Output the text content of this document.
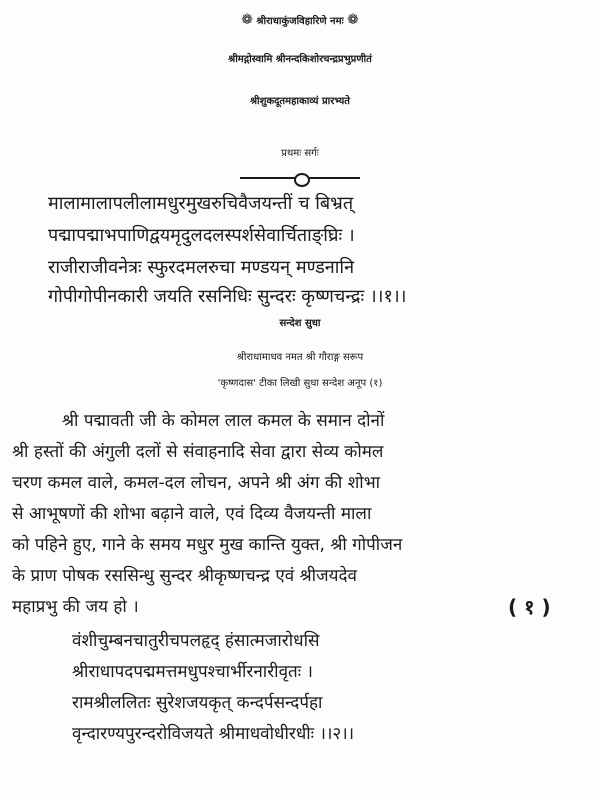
❁ श्रीराधाकुंजविहारिणे नमः ❁
श्रीमद्गोस्वामि श्रीनन्दकिशोरचन्द्रप्रभुप्रणीतं
श्रीशुकदूतमहाकाव्यं प्रारभ्यते
प्रथमः सर्गः
मालामालापलीलामधुरमुखरुचिवैजयन्तीं च बिभ्रत्
पद्मापद्माभपाणिद्वयमृदुलदलस्पर्शसेवार्चिताङ्घ्रिः ।
राजीराजीवनेत्रः स्फुरदमलरुचा मण्डयन् मण्डनानि
गोपीगोपीनकारी जयति रसनिधिः सुन्दरः कृष्णचन्द्रः ।।१।।
सन्देश सुधा
श्रीराधामाधव नमत श्री गौराङ्ग सरूप
'कृष्णदास' टीका लिखी सुधा सन्देश अनूप (१)
श्री पद्मावती जी के कोमल लाल कमल के समान दोनों
श्री हस्तों की अंगुली दलों से संवाहनादि सेवा द्वारा सेव्य कोमल
चरण कमल वाले, कमल-दल लोचन, अपने श्री अंग की शोभा
से आभूषणों की शोभा बढ़ाने वाले, एवं दिव्य वैजयन्ती माला
को पहिने हुए, गाने के समय मधुर मुख कान्ति युक्त, श्री गोपीजन
के प्राण पोषक रससिन्धु सुन्दर श्रीकृष्णचन्द्र एवं श्रीजयदेव
महाप्रभु की जय हो ।	( १ )
वंशीचुम्बनचातुरीचपलहृद् हंसात्मजारोधसि
श्रीराधापदपद्ममत्तमधुपश्चार्भीरनारीवृतः ।
रामश्रीललितः सुरेशजयकृत् कन्दर्पसन्दर्पहा
वृन्दारण्यपुरन्दरोविजयते श्रीमाधवोधीरधीः ।।२।।
